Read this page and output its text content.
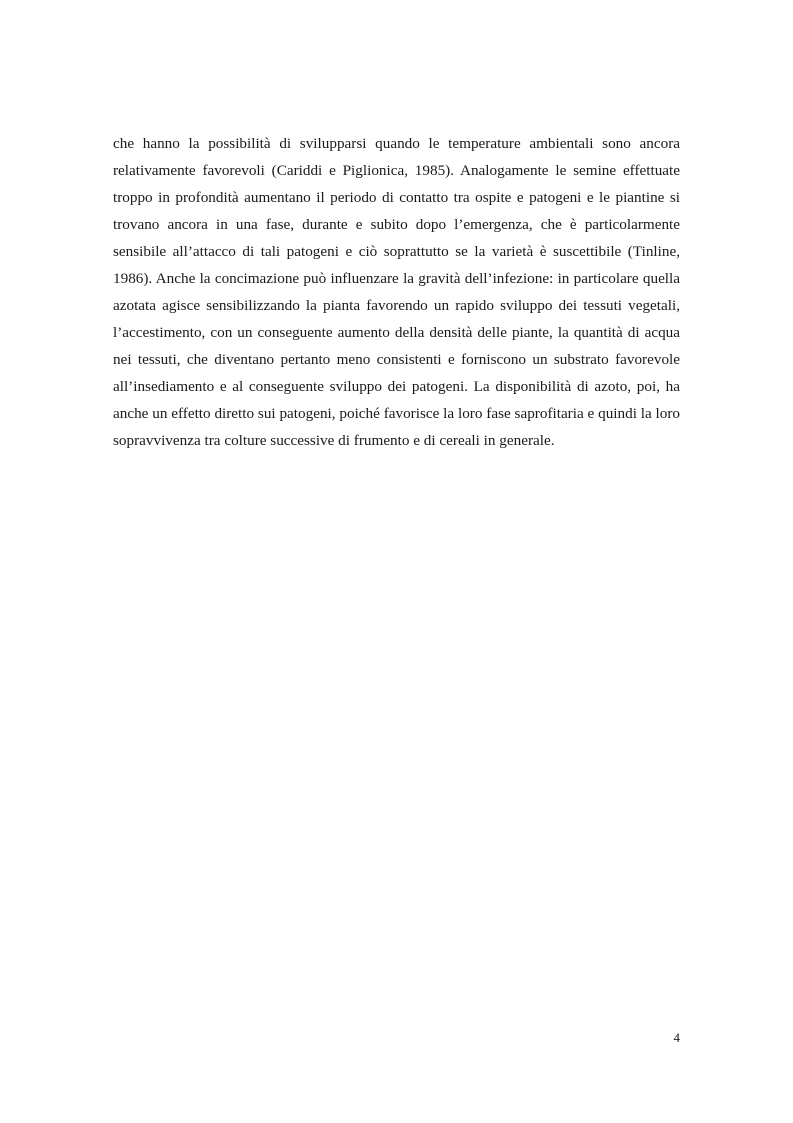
che hanno la possibilità di svilupparsi quando le temperature ambientali sono ancora relativamente favorevoli (Cariddi e Piglionica, 1985). Analogamente le semine effettuate troppo in profondità aumentano il periodo di contatto tra ospite e patogeni e le piantine si trovano ancora in una fase, durante e subito dopo l’emergenza, che è particolarmente sensibile all’attacco di tali patogeni e ciò soprattutto se la varietà è suscettibile (Tinline, 1986). Anche la concimazione può influenzare la gravità dell’infezione: in particolare quella azotata agisce sensibilizzando la pianta favorendo un rapido sviluppo dei tessuti vegetali, l’accestimento, con un conseguente aumento della densità delle piante, la quantità di acqua nei tessuti, che diventano pertanto meno consistenti e forniscono un substrato favorevole all’insediamento e al conseguente sviluppo dei patogeni. La disponibilità di azoto, poi, ha anche un effetto diretto sui patogeni, poiché favorisce la loro fase saprofitaria e quindi la loro sopravvivenza tra colture successive di frumento e di cereali in generale.

4
